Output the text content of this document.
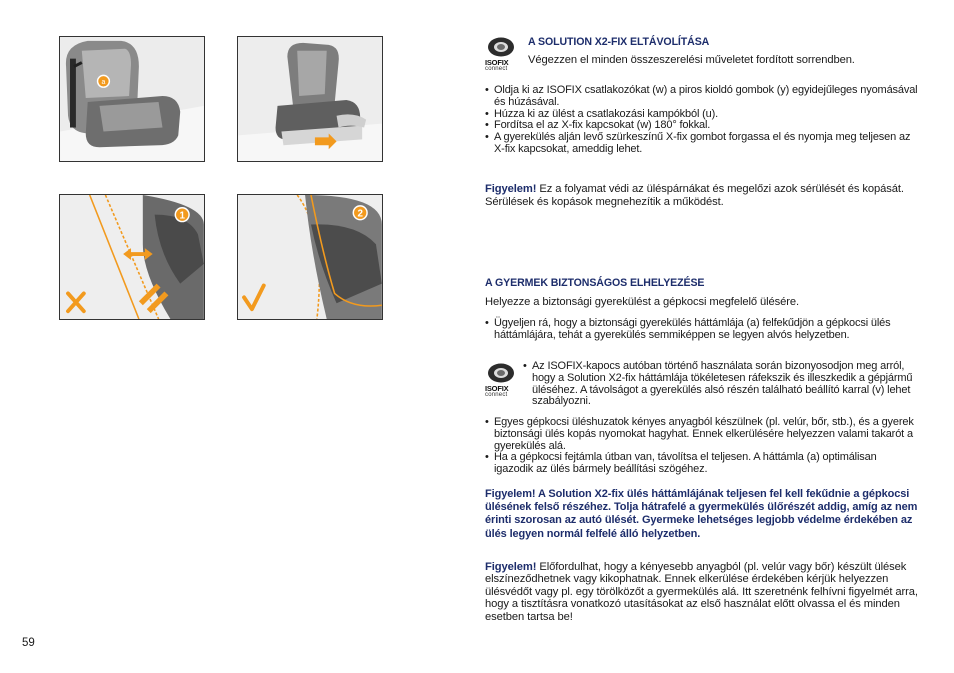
a
1	2
ISOFIX
connect
A SOLUTION X2-FIX ELTÁVOLÍTÁSA
Végezzen el minden összeszerelési műveletet fordított sorrendben.
• Oldja ki az ISOFIX csatlakozókat (w) a piros kioldó gombok (y) egyidejűleges nyomásával és húzásával.
• Húzza ki az ülést a csatlakozási kampókból (u).
• Fordítsa el az X-fix kapcsokat (w) 180° fokkal.
• A gyerekülés alján levő szürkeszínű X-fix gombot forgassa el és nyomja meg teljesen az X-fix kapcsokat, ameddig lehet.
Figyelem! Ez a folyamat védi az üléspárnákat és megelőzi azok sérülését és kopását. Sérülések és kopások megnehezítik a működést.
A GYERMEK BIZTONSÁGOS ELHELYEZÉSE
Helyezze a biztonsági gyerekülést a gépkocsi megfelelő ülésére.
• Ügyeljen rá, hogy a biztonsági gyerekülés háttámlája (a) felfekűdjön a gépkocsi ülés háttámlájára, tehát a gyerekülés semmiképpen se legyen alvós helyzetben.
ISOFIX
connect
• Az ISOFIX-kapocs autóban történő használata során bizonyosodjon meg arról, hogy a Solution X2-fix háttámlája tökéletesen ráfekszik és illeszkedik a gépjármű üléséhez. A távolságot a gyerekülés alsó részén található beállító karral (v) lehet szabályozni.
• Egyes gépkocsi üléshuzatok kényes anyagból készülnek (pl. velúr, bőr, stb.), és a gyerek biztonsági ülés kopás nyomokat hagyhat. Ennek elkerülésére helyezzen valami takarót a gyerekülés alá.
• Ha a gépkocsi fejtámla útban van, távolítsa el teljesen. A háttámla (a) optimálisan igazodik az ülés bármely beállítási szögéhez.
Figyelem! A Solution X2-fix ülés háttámlájának teljesen fel kell fekűdnie a gépkocsi ülésének felső részéhez. Tolja hátrafelé a gyermekülés ülőrészét addig, amíg az nem érinti szorosan az autó ülését. Gyermeke lehetséges legjobb védelme érdekében az ülés legyen normál felfelé álló helyzetben.
Figyelem! Előfordulhat, hogy a kényesebb anyagból (pl. velúr vagy bőr) készült ülések elszíneződhetnek vagy kikophatnak. Ennek elkerülése érdekében kérjük helyezzen ülésvédőt vagy pl. egy törölközőt a gyermekülés alá. Itt szeretnénk felhívni figyelmét arra, hogy a tisztításra vonatkozó utasításokat az első használat előtt olvassa el és minden esetben tartsa be!
59
